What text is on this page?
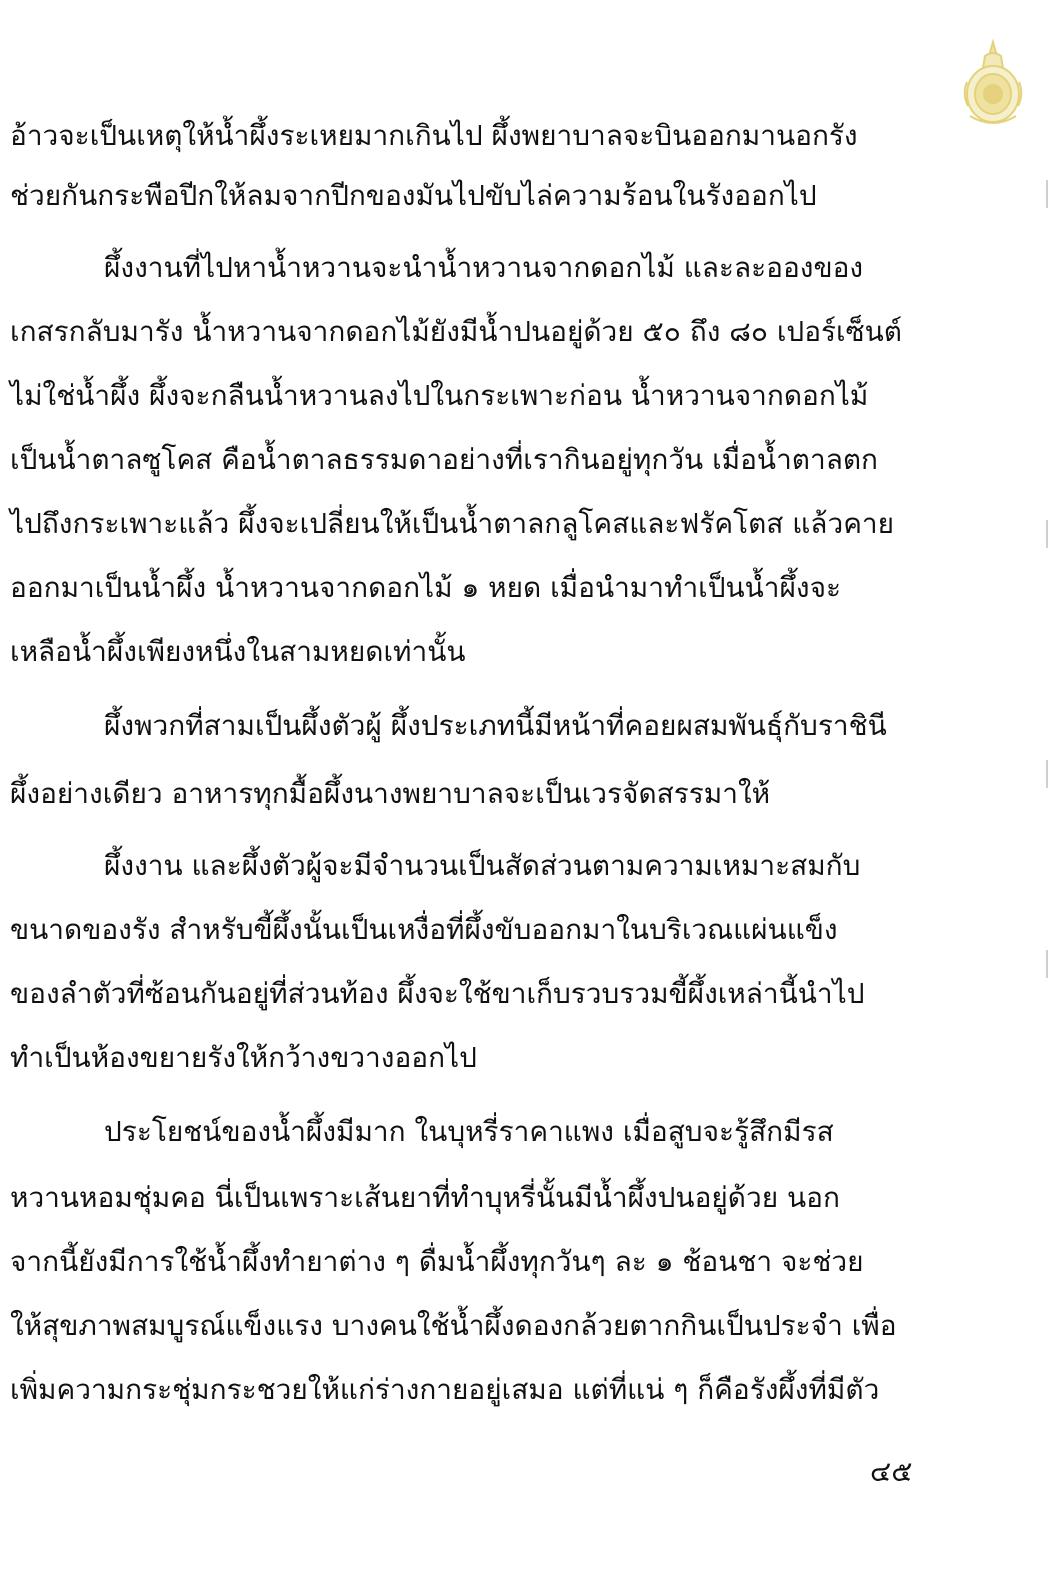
อ้าวจะเป็นเหตุให้น้ำผึ้งระเหยมากเกินไป ผึ้งพยาบาลจะบินออกมานอกรัง
ช่วยกันกระพือปีกให้ลมจากปีกของมันไปขับไล่ความร้อนในรังออกไป
ผึ้งงานที่ไปหาน้ำหวานจะนำน้ำหวานจากดอกไม้ และละอองของ
เกสรกลับมารัง น้ำหวานจากดอกไม้ยังมีน้ำปนอยู่ด้วย ๕๐ ถึง ๘๐ เปอร์เซ็นต์
ไม่ใช่น้ำผึ้ง ผึ้งจะกลืนน้ำหวานลงไปในกระเพาะก่อน น้ำหวานจากดอกไม้
เป็นน้ำตาลซูโคส คือน้ำตาลธรรมดาอย่างที่เรากินอยู่ทุกวัน เมื่อน้ำตาลตก
ไปถึงกระเพาะแล้ว ผึ้งจะเปลี่ยนให้เป็นน้ำตาลกลูโคสและฟรัคโตส แล้วคาย
ออกมาเป็นน้ำผึ้ง น้ำหวานจากดอกไม้ ๑ หยด เมื่อนำมาทำเป็นน้ำผึ้งจะ
เหลือน้ำผึ้งเพียงหนึ่งในสามหยดเท่านั้น
ผึ้งพวกที่สามเป็นผึ้งตัวผู้ ผึ้งประเภทนี้มีหน้าที่คอยผสมพันธุ์กับราชินี
ผึ้งอย่างเดียว อาหารทุกมื้อผึ้งนางพยาบาลจะเป็นเวรจัดสรรมาให้
ผึ้งงาน และผึ้งตัวผู้จะมีจำนวนเป็นสัดส่วนตามความเหมาะสมกับ
ขนาดของรัง สำหรับขี้ผึ้งนั้นเป็นเหงื่อที่ผึ้งขับออกมาในบริเวณแผ่นแข็ง
ของลำตัวที่ซ้อนกันอยู่ที่ส่วนท้อง ผึ้งจะใช้ขาเก็บรวบรวมขี้ผึ้งเหล่านี้นำไป
ทำเป็นห้องขยายรังให้กว้างขวางออกไป
ประโยชน์ของน้ำผึ้งมีมาก ในบุหรี่ราคาแพง เมื่อสูบจะรู้สึกมีรส
หวานหอมชุ่มคอ นี่เป็นเพราะเส้นยาที่ทำบุหรี่นั้นมีน้ำผึ้งปนอยู่ด้วย นอก
จากนี้ยังมีการใช้น้ำผึ้งทำยาต่าง ๆ ดื่มน้ำผึ้งทุกวันๆ ละ ๑ ช้อนชา จะช่วย
ให้สุขภาพสมบูรณ์แข็งแรง บางคนใช้น้ำผึ้งดองกล้วยตากกินเป็นประจำ เพื่อ
เพิ่มความกระชุ่มกระชวยให้แก่ร่างกายอยู่เสมอ แต่ที่แน่ ๆ ก็คือรังผึ้งที่มีตัว
๔๕
